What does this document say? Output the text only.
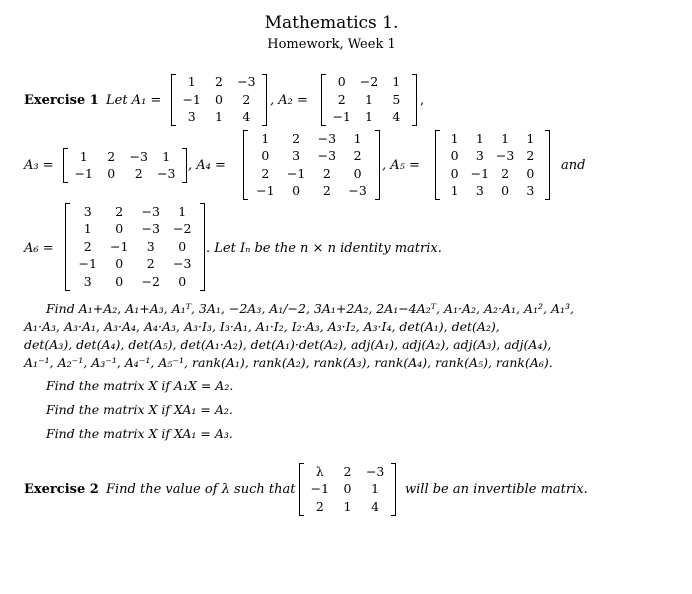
Mathematics 1.
Homework, Week 1
Exercise 1 Let A₁ =
1	2	−3
−1	0	2
3	1	4
, A₂ =
0	−2	1
2	1	5
−1	1	4
,
A₃ =
1	2	−3	1
−1	0	2	−3
, A₄ =
1	2	−3	1
0	3	−3	2
2	−1	2	0
−1	0	2	−3
, A₅ =
1	1	1	1
0	3	−3	2
0	−1	2	0
1	3	0	3
and
A₆ =
3	2	−3	1
1	0	−3	−2
2	−1	3	0
−1	0	2	−3
3	0	−2	0
. Let Iₙ be the n × n identity matrix.
Find A₁+A₂, A₁+A₃, A₁ᵀ, 3A₁, −2A₃, A₁/−2, 3A₁+2A₂, 2A₁−4A₂ᵀ, A₁·A₂, A₂·A₁, A₁², A₁³,
A₁·A₃, A₃·A₁, A₃·A₄, A₄·A₃, A₃·I₃, I₃·A₁, A₁·I₂, I₂·A₃, A₃·I₂, A₃·I₄, det(A₁), det(A₂),
det(A₃), det(A₄), det(A₅), det(A₁·A₂), det(A₁)·det(A₂), adj(A₁), adj(A₂), adj(A₃), adj(A₄),
A₁⁻¹, A₂⁻¹, A₃⁻¹, A₄⁻¹, A₅⁻¹, rank(A₁), rank(A₂), rank(A₃), rank(A₄), rank(A₅), rank(A₆).
Find the matrix X if A₁X = A₂.
Find the matrix X if XA₁ = A₂.
Find the matrix X if XA₁ = A₃.
Exercise 2 Find the value of λ such that
λ	2	−3
−1	0	1
2	1	4
will be an invertible matrix.
